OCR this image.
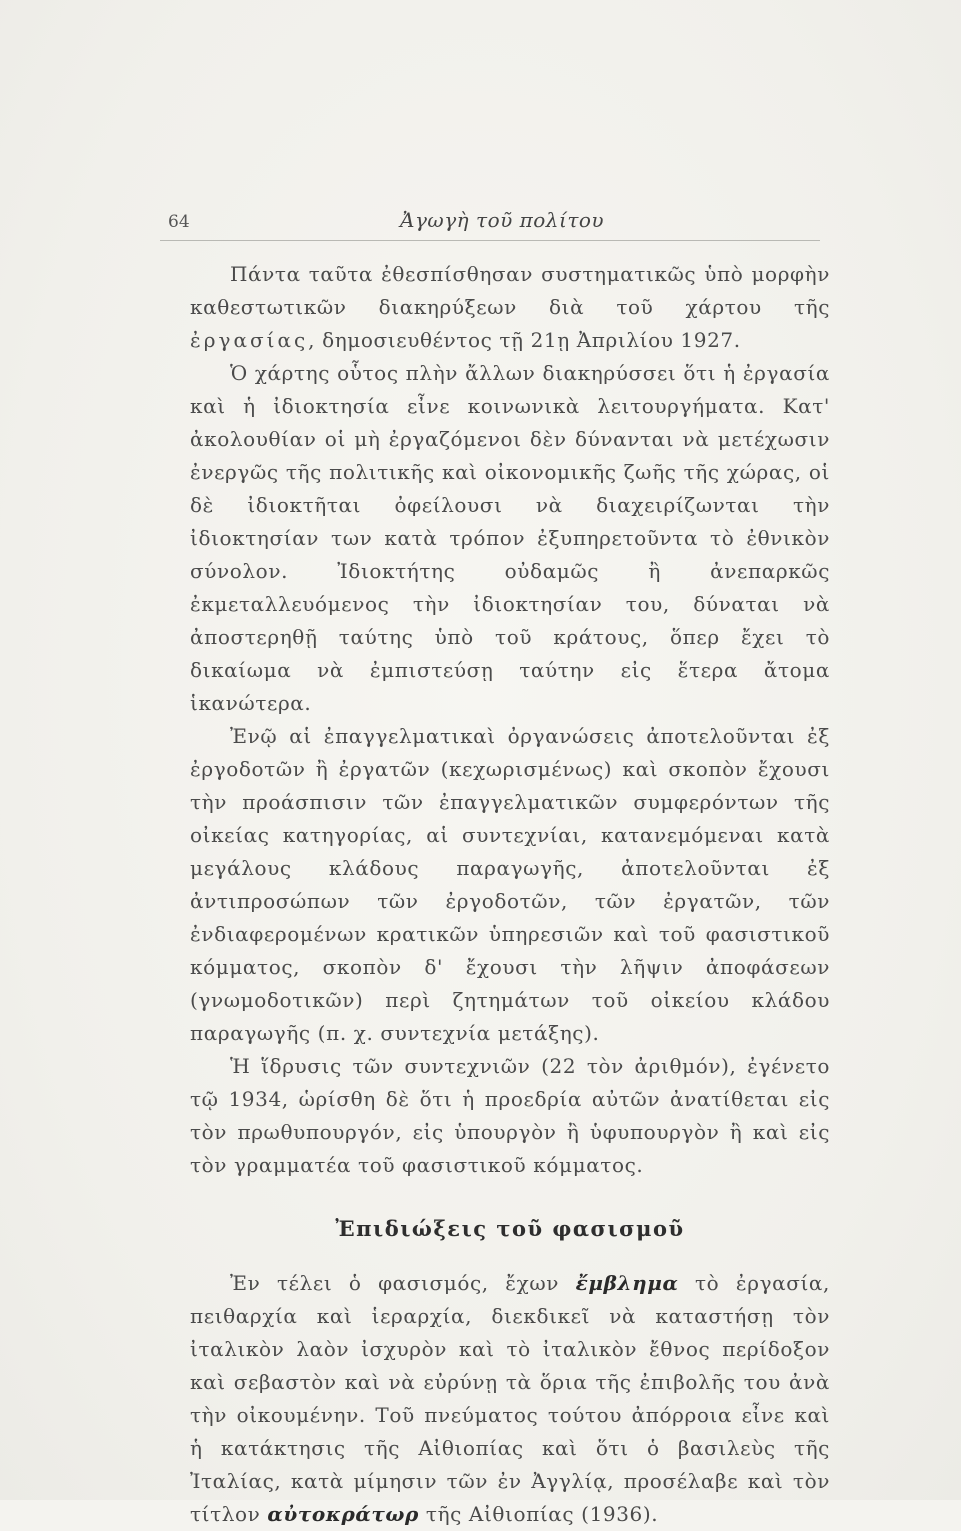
64	Ἀγωγὴ τοῦ πολίτου

Πάντα ταῦτα ἐθεσπίσθησαν συστηματικῶς ὑπὸ μορφὴν καθεστωτικῶν διακηρύξεων διὰ τοῦ χάρτου τῆς ἐργασίας, δημοσιευθέντος τῇ 21ῃ Ἀπριλίου 1927.

Ὁ χάρτης οὗτος πλὴν ἄλλων διακηρύσσει ὅτι ἡ ἐργασία καὶ ἡ ἰδιοκτησία εἶνε κοινωνικὰ λειτουργήματα. Κατ' ἀκολουθίαν οἱ μὴ ἐργαζόμενοι δὲν δύνανται νὰ μετέχωσιν ἐνεργῶς τῆς πολιτικῆς καὶ οἰκονομικῆς ζωῆς τῆς χώρας, οἱ δὲ ἰδιοκτῆται ὀφείλουσι νὰ διαχειρίζωνται τὴν ἰδιοκτησίαν των κατὰ τρόπον ἐξυπηρετοῦντα τὸ ἐθνικὸν σύνολον. Ἰδιοκτήτης οὐδαμῶς ἢ ἀνεπαρκῶς ἐκμεταλλευόμενος τὴν ἰδιοκτησίαν του, δύναται νὰ ἀποστερηθῇ ταύτης ὑπὸ τοῦ κράτους, ὅπερ ἔχει τὸ δικαίωμα νὰ ἐμπιστεύσῃ ταύτην εἰς ἕτερα ἄτομα ἱκανώτερα.

Ἐνῷ αἱ ἐπαγγελματικαὶ ὀργανώσεις ἀποτελοῦνται ἐξ ἐργοδοτῶν ἢ ἐργατῶν (κεχωρισμένως) καὶ σκοπὸν ἔχουσι τὴν προάσπισιν τῶν ἐπαγγελματικῶν συμφερόντων τῆς οἰκείας κατηγορίας, αἱ συντεχνίαι, κατανεμόμεναι κατὰ μεγάλους κλάδους παραγωγῆς, ἀποτελοῦνται ἐξ ἀντιπροσώπων τῶν ἐργοδοτῶν, τῶν ἐργατῶν, τῶν ἐνδιαφερομένων κρατικῶν ὑπηρεσιῶν καὶ τοῦ φασιστικοῦ κόμματος, σκοπὸν δ' ἔχουσι τὴν λῆψιν ἀποφάσεων (γνωμοδοτικῶν) περὶ ζητημάτων τοῦ οἰκείου κλάδου παραγωγῆς (π. χ. συντεχνία μετάξης).

Ἡ ἵδρυσις τῶν συντεχνιῶν (22 τὸν ἀριθμόν), ἐγένετο τῷ 1934, ὡρίσθη δὲ ὅτι ἡ προεδρία αὐτῶν ἀνατίθεται εἰς τὸν πρωθυπουργόν, εἰς ὑπουργὸν ἢ ὑφυπουργὸν ἢ καὶ εἰς τὸν γραμματέα τοῦ φασιστικοῦ κόμματος.

Ἐπιδιώξεις τοῦ φασισμοῦ

Ἐν τέλει ὁ φασισμός, ἔχων ἔμβλημα τὸ ἐργασία, πειθαρχία καὶ ἱεραρχία, διεκδικεῖ νὰ καταστήσῃ τὸν ἰταλικὸν λαὸν ἰσχυρὸν καὶ τὸ ἰταλικὸν ἔθνος περίδοξον καὶ σεβαστὸν καὶ νὰ εὐρύνῃ τὰ ὅρια τῆς ἐπιβολῆς του ἀνὰ τὴν οἰκουμένην. Τοῦ πνεύματος τούτου ἀπόρροια εἶνε καὶ ἡ κατάκτησις τῆς Αἰθιοπίας καὶ ὅτι ὁ βασιλεὺς τῆς Ἰταλίας, κατὰ μίμησιν τῶν ἐν Ἀγγλίᾳ, προσέλαβε καὶ τὸν τίτλον αὐτοκράτωρ τῆς Αἰθιοπίας (1936).
